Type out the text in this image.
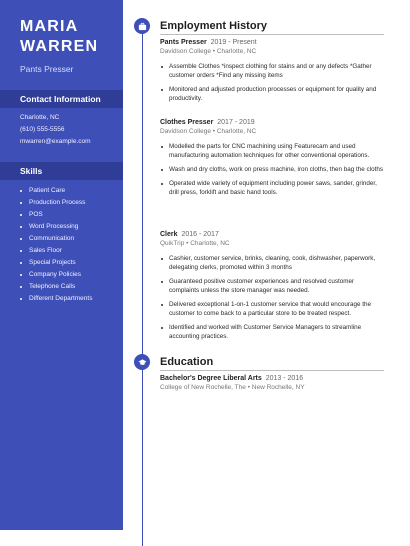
MARIA
WARREN
Pants Presser
Contact Information
Charlotte, NC
(610) 555-5556
mwarren@example.com
Skills
Patient Care
Production Process
POS
Word Processing
Communication
Sales Floor
Special Projects
Company Policies
Telephone Calls
Different Departments
Employment History
Pants Presser 2019 - Present
Davidson College • Charlotte, NC
Assemble Clothes *inspect clothing for stains and or any defects *Gather customer orders *Find any missing items
Monitored and adjusted production processes or equipment for quality and productivity.
Clothes Presser 2017 - 2019
Davidson College • Charlotte, NC
Modelled the parts for CNC machining using Featurecam and used manufacturing automation techniques for other conventional operations.
Wash and dry cloths, work on press machine, iron cloths, then bag the cloths
Operated wide variety of equipment including power saws, sander, grinder, drill press, forklift and basic hand tools.
Clerk 2016 - 2017
QuikTrip • Charlotte, NC
Cashier, customer service, brinks, cleaning, cook, dishwasher, paperwork, delegating clerks, promoted within 3 months
Guaranteed positive customer experiences and resolved customer complaints unless the store manager was needed.
Delivered exceptional 1-on-1 customer service that would encourage the customer to come back to a particular store to be treated respect.
Identified and worked with Customer Service Managers to streamline accounting practices.
Education
Bachelor's Degree Liberal Arts 2013 - 2016
College of New Rochelle, The • New Rochelle, NY
